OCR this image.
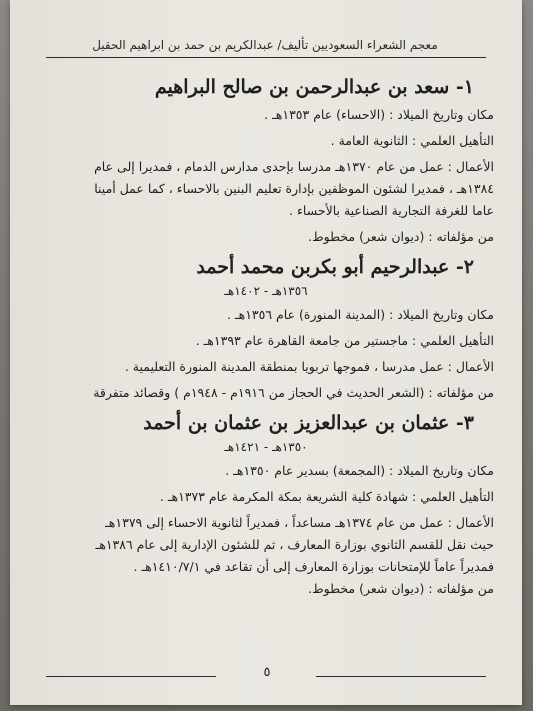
معجم الشعراء السعوديين تأليف/ عبدالكريم بن حمد بن ابراهيم الحقيل
١- سعد بن عبدالرحمن بن صالح البراهيم

مكان وتاريخ الميلاد : (الاحساء) عام ١٣٥٣هـ .

التأهيل العلمي : الثانوية العامة .

الأعمال : عمل من عام ١٣٧٠هـ مدرسا بإحدى مدارس الدمام ، فمديرا إلى عام

١٣٨٤هـ ، فمديرا لشئون الموظفين بإدارة تعليم البنين بالاحساء ، كما عمل أمينا

عاما للغرفة التجارية الصناعية بالأحساء .

من مؤلفاته : (ديوان شعر) مخطوط.

٢- عبدالرحيم أبو بكربن محمد أحمد
١٣٥٦هـ - ١٤٠٢هـ

مكان وتاريخ الميلاد : (المدينة المنورة) عام ١٣٥٦هـ .

التأهيل العلمي : ماجستير من جامعة القاهرة عام ١٣٩٣هـ .

الأعمال : عمل مدرسا ، فموجها تربويا بمنطقة المدينة المنورة التعليمية .

من مؤلفاته : (الشعر الحديث في الحجاز من ١٩١٦م - ١٩٤٨م ) وقصائد متفرقة

٣- عثمان بن عبدالعزيز بن عثمان بن أحمد
١٣٥٠هـ - ١٤٢١هـ

مكان وتاريخ الميلاد : (المجمعة) بسدير عام ١٣٥٠هـ .

التأهيل العلمي : شهادة كلية الشريعة بمكة المكرمة عام ١٣٧٣هـ .

الأعمال : عمل من عام ١٣٧٤هـ مساعداً ، فمديراً لثانوية الاحساء إلى ١٣٧٩هـ

حيث نقل للقسم الثانوي بوزارة المعارف ، ثم للشئون الإدارية إلى عام ١٣٨٦هـ

فمديراً عاماً للإمتحانات بوزارة المعارف إلى أن تقاعد في ١٤١٠/٧/١هـ .

من مؤلفاته : (ديوان شعر) مخطوط.

٥
